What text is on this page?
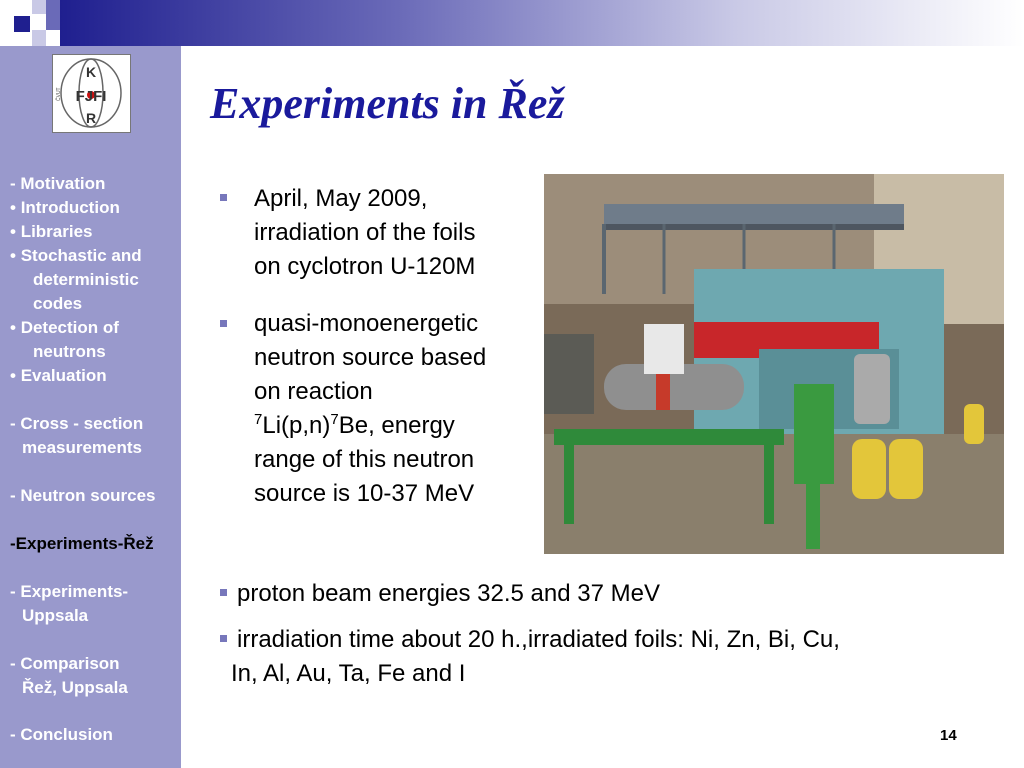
K
FJFI
R
ČVUT
- Motivation
• Introduction
• Libraries
• Stochastic and
deterministic
codes
• Detection of
neutrons
• Evaluation
- Cross - section
measurements
- Neutron sources
-Experiments-Řež
- Experiments-
Uppsala
- Comparison
Řež, Uppsala
- Conclusion
Experiments in Řež
April, May 2009,
irradiation of the foils
on cyclotron U-120M
quasi-monoenergetic
neutron source based
on reaction
$^7Li(p,n)^7Be$, energy
range of this neutron
source is 10-37 MeV
proton beam energies 32.5 and 37 MeV
irradiation time about 20 h.,irradiated foils: Ni, Zn, Bi, Cu,
In, Al, Au, Ta, Fe and I
14
